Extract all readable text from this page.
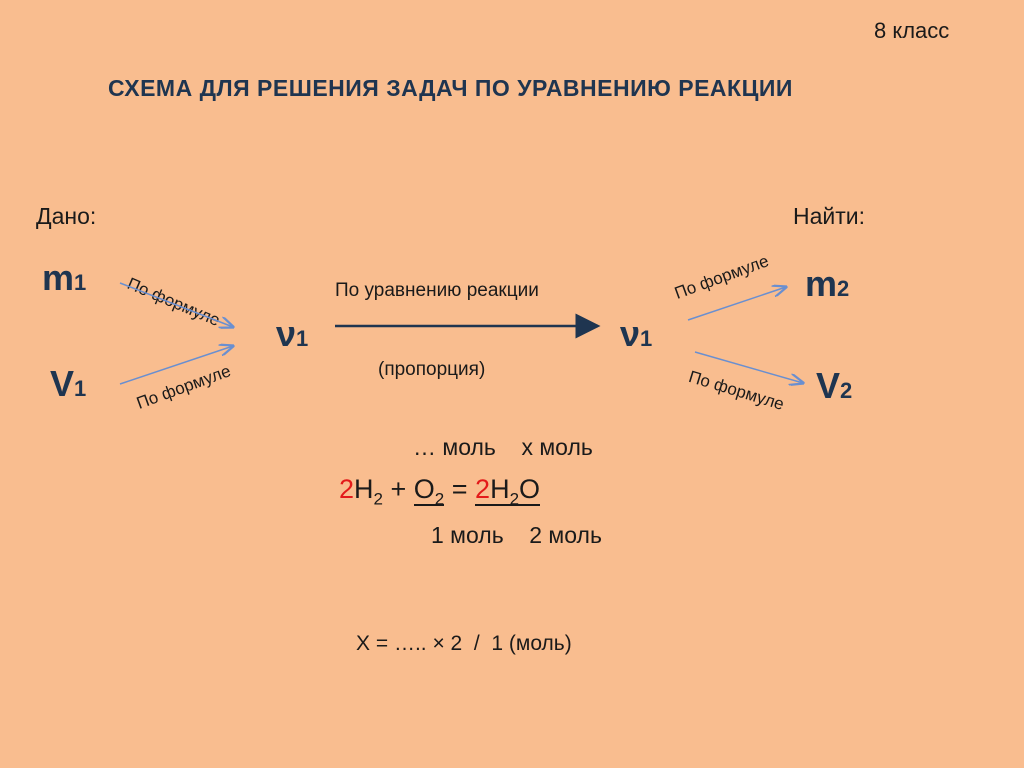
8 класс
СХЕМА ДЛЯ РЕШЕНИЯ ЗАДАЧ ПО УРАВНЕНИЮ РЕАКЦИИ
Дано:	Найти:
m1
V1
ν1	ν1
m2
V2
По формуле
По формуле
По формуле
По формуле
По уравнению реакции
(пропорция)
… моль    x моль
$2H_2 + O_2 = 2H_2O$
1 моль    2 моль
X = ….. × 2  /  1 (моль)
